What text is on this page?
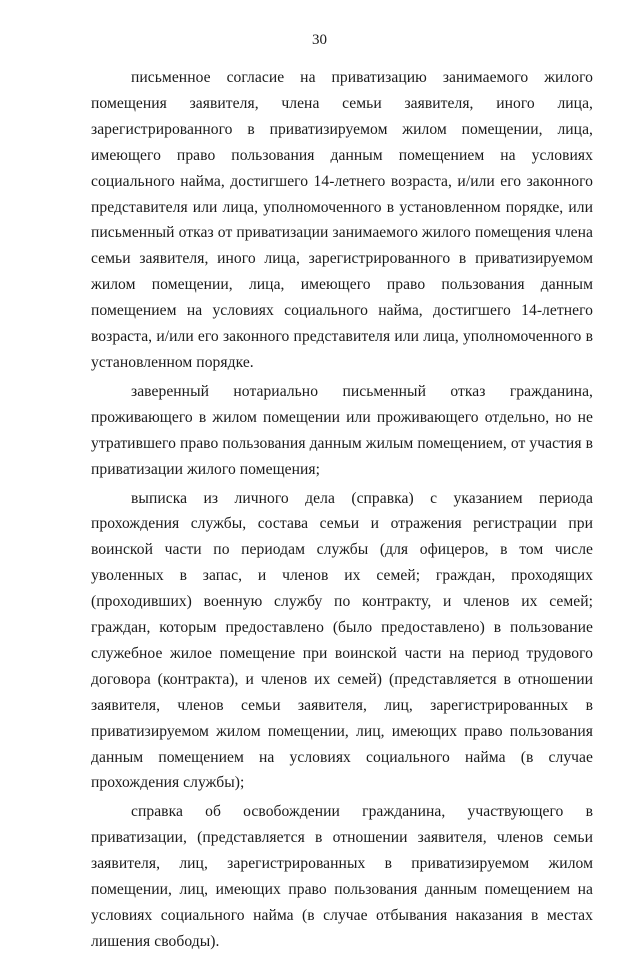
30

письменное согласие на приватизацию занимаемого жилого помещения заявителя, члена семьи заявителя, иного лица, зарегистрированного в приватизируемом жилом помещении, лица, имеющего право пользования данным помещением на условиях социального найма, достигшего 14-летнего возраста, и/или его законного представителя или лица, уполномоченного в установленном порядке, или письменный отказ от приватизации занимаемого жилого помещения члена семьи заявителя, иного лица, зарегистрированного в приватизируемом жилом помещении, лица, имеющего право пользования данным помещением на условиях социального найма, достигшего 14-летнего возраста, и/или его законного представителя или лица, уполномоченного в установленном порядке.

заверенный нотариально письменный отказ гражданина, проживающего в жилом помещении или проживающего отдельно, но не утратившего право пользования данным жилым помещением, от участия в приватизации жилого помещения;

выписка из личного дела (справка) с указанием периода прохождения службы, состава семьи и отражения регистрации при воинской части по периодам службы (для офицеров, в том числе уволенных в запас, и членов их семей; граждан, проходящих (проходивших) военную службу по контракту, и членов их семей; граждан, которым предоставлено (было предоставлено) в пользование служебное жилое помещение при воинской части на период трудового договора (контракта), и членов их семей) (представляется в отношении заявителя, членов семьи заявителя, лиц, зарегистрированных в приватизируемом жилом помещении, лиц, имеющих право пользования данным помещением на условиях социального найма (в случае прохождения службы);

справка об освобождении гражданина, участвующего в приватизации, (представляется в отношении заявителя, членов семьи заявителя, лиц, зарегистрированных в приватизируемом жилом помещении, лиц, имеющих право пользования данным помещением на условиях социального найма (в случае отбывания наказания в местах лишения свободы).
